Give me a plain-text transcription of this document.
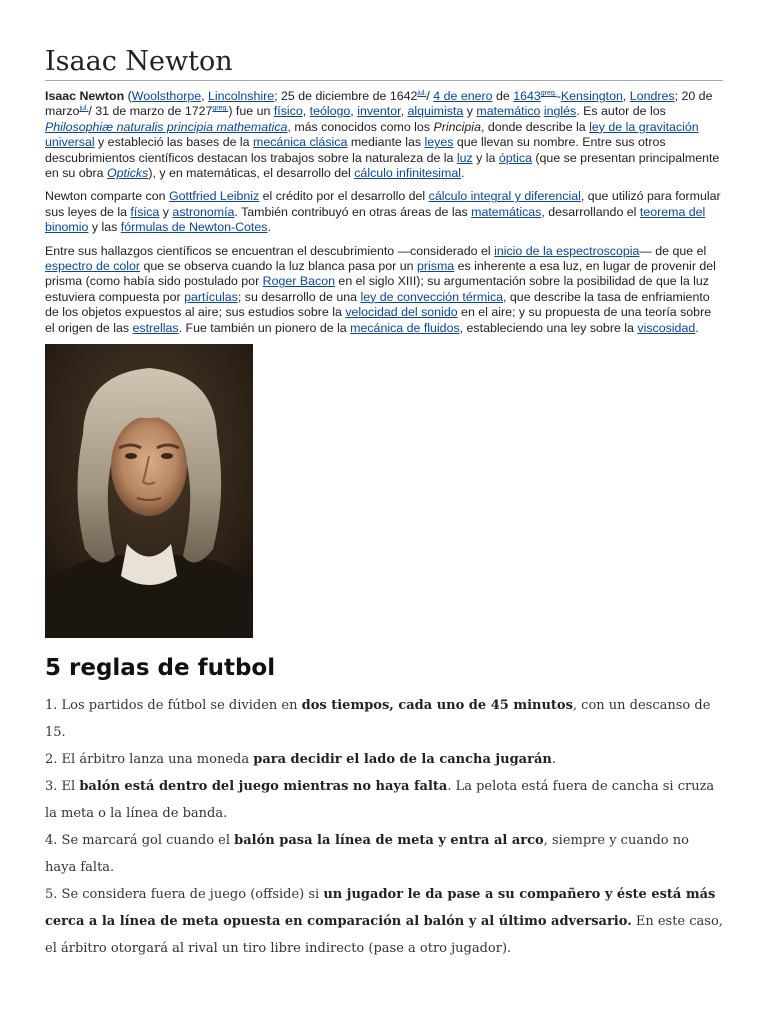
Isaac Newton

Isaac Newton (Woolsthorpe, Lincolnshire; 25 de diciembre de $1642^{jul.}/$ 4 de enero de $1643^{greg.}$-Kensington, Londres; 20 de marzo$^{jul.}$/ 31 de marzo de $1727^{greg.}$) fue un físico, teólogo, inventor, alquimista y matemático inglés. Es autor de los Philosophiæ naturalis principia mathematica, más conocidos como los Principia, donde describe la ley de la gravitación universal y estableció las bases de la mecánica clásica mediante las leyes que llevan su nombre. Entre sus otros descubrimientos científicos destacan los trabajos sobre la naturaleza de la luz y la óptica (que se presentan principalmente en su obra Opticks), y en matemáticas, el desarrollo del cálculo infinitesimal.

Newton comparte con Gottfried Leibniz el crédito por el desarrollo del cálculo integral y diferencial, que utilizó para formular sus leyes de la física y astronomía. También contribuyó en otras áreas de las matemáticas, desarrollando el teorema del binomio y las fórmulas de Newton-Cotes.

Entre sus hallazgos científicos se encuentran el descubrimiento —considerado el inicio de la espectroscopia— de que el espectro de color que se observa cuando la luz blanca pasa por un prisma es inherente a esa luz, en lugar de provenir del prisma (como había sido postulado por Roger Bacon en el siglo XIII); su argumentación sobre la posibilidad de que la luz estuviera compuesta por partículas; su desarrollo de una ley de convección térmica, que describe la tasa de enfriamiento de los objetos expuestos al aire; sus estudios sobre la velocidad del sonido en el aire; y su propuesta de una teoría sobre el origen de las estrellas. Fue también un pionero de la mecánica de fluidos, estableciendo una ley sobre la viscosidad.

5 reglas de futbol

1. Los partidos de fútbol se dividen en dos tiempos, cada uno de 45 minutos, con un descanso de 15.

2. El árbitro lanza una moneda para decidir el lado de la cancha jugarán.

3. El balón está dentro del juego mientras no haya falta. La pelota está fuera de cancha si cruza la meta o la línea de banda.

4. Se marcará gol cuando el balón pasa la línea de meta y entra al arco, siempre y cuando no haya falta.

5. Se considera fuera de juego (offside) si un jugador le da pase a su compañero y éste está más cerca a la línea de meta opuesta en comparación al balón y al último adversario. En este caso, el árbitro otorgará al rival un tiro libre indirecto (pase a otro jugador).
